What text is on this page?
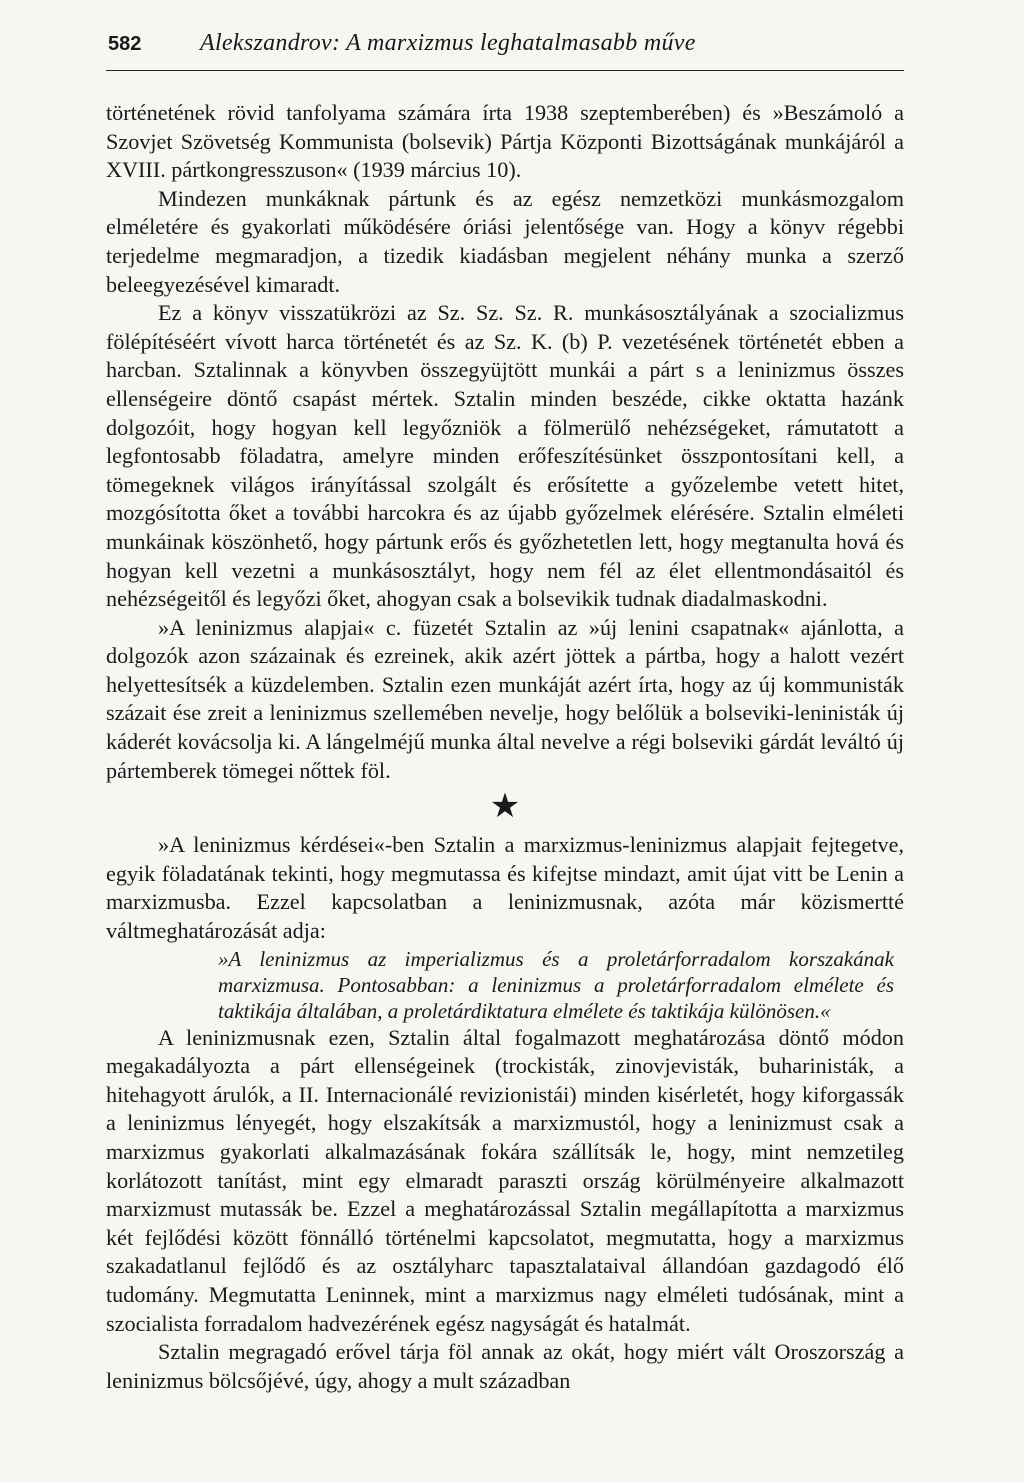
582	Alekszandrov: A marxizmus leghatalmasabb műve

történetének rövid tanfolyama számára írta 1938 szeptemberében) és »Beszámoló a Szovjet Szövetség Kommunista (bolsevik) Pártja Központi Bizottságának munkájáról a XVIII. pártkongresszuson« (1939 március 10).

Mindezen munkáknak pártunk és az egész nemzetközi munkásmozgalom elméletére és gyakorlati működésére óriási jelentősége van. Hogy a könyv régebbi terjedelme megmaradjon, a tizedik kiadásban megjelent néhány munka a szerző beleegyezésével kimaradt.

Ez a könyv visszatükrözi az Sz. Sz. Sz. R. munkásosztályának a szocializmus fölépítéséért vívott harca történetét és az Sz. K. (b) P. vezetésének történetét ebben a harcban. Sztalinnak a könyvben összegyüjtött munkái a párt s a leninizmus összes ellenségeire döntő csapást mértek. Sztalin minden beszéde, cikke oktatta hazánk dolgozóit, hogy hogyan kell legyőzniök a fölmerülő nehézségeket, rámutatott a legfontosabb föladatra, amelyre minden erőfeszítésünket összpontosítani kell, a tömegeknek világos irányítással szolgált és erősítette a győzelembe vetett hitet, mozgósította őket a további harcokra és az újabb győzelmek elérésére. Sztalin elméleti munkáinak köszönhető, hogy pártunk erős és győzhetetlen lett, hogy megtanulta hová és hogyan kell vezetni a munkásosztályt, hogy nem fél az élet ellentmondásaitól és nehézségeitől és legyőzi őket, ahogyan csak a bolsevikik tudnak diadalmaskodni.

»A leninizmus alapjai« c. füzetét Sztalin az »új lenini csapatnak« ajánlotta, a dolgozók azon százainak és ezreinek, akik azért jöttek a pártba, hogy a halott vezért helyettesítsék a küzdelemben. Sztalin ezen munkáját azért írta, hogy az új kommunisták százait ése zreit a leninizmus szellemében nevelje, hogy belőlük a bolseviki-leninisták új káderét kovácsolja ki. A lángelméjű munka által nevelve a régi bolseviki gárdát leváltó új pártemberek tömegei nőttek föl.

★

»A leninizmus kérdései«-ben Sztalin a marxizmus-leninizmus alapjait fejtegetve, egyik föladatának tekinti, hogy megmutassa és kifejtse mindazt, amit újat vitt be Lenin a marxizmusba. Ezzel kapcsolatban a leninizmusnak, azóta már közismertté váltmeghatározását adja:

»A leninizmus az imperializmus és a proletárforradalom korszakának marxizmusa. Pontosabban: a leninizmus a proletárforradalom elmélete és taktikája általában, a proletárdiktatura elmélete és taktikája különösen.«

A leninizmusnak ezen, Sztalin által fogalmazott meghatározása döntő módon megakadályozta a párt ellenségeinek (trockisták, zinovjevisták, buharinisták, a hitehagyott árulók, a II. Internacionálé revizionistái) minden kisérletét, hogy kiforgassák a leninizmus lényegét, hogy elszakítsák a marxizmustól, hogy a leninizmust csak a marxizmus gyakorlati alkalmazásának fokára szállítsák le, hogy, mint nemzetileg korlátozott tanítást, mint egy elmaradt paraszti ország körülményeire alkalmazott marxizmust mutassák be. Ezzel a meghatározással Sztalin megállapította a marxizmus két fejlődési között fönnálló történelmi kapcsolatot, megmutatta, hogy a marxizmus szakadatlanul fejlődő és az osztályharc tapasztalataival állandóan gazdagodó élő tudomány. Megmutatta Leninnek, mint a marxizmus nagy elméleti tudósának, mint a szocialista forradalom hadvezérének egész nagyságát és hatalmát.

Sztalin megragadó erővel tárja föl annak az okát, hogy miért vált Oroszország a leninizmus bölcsőjévé, úgy, ahogy a mult században
